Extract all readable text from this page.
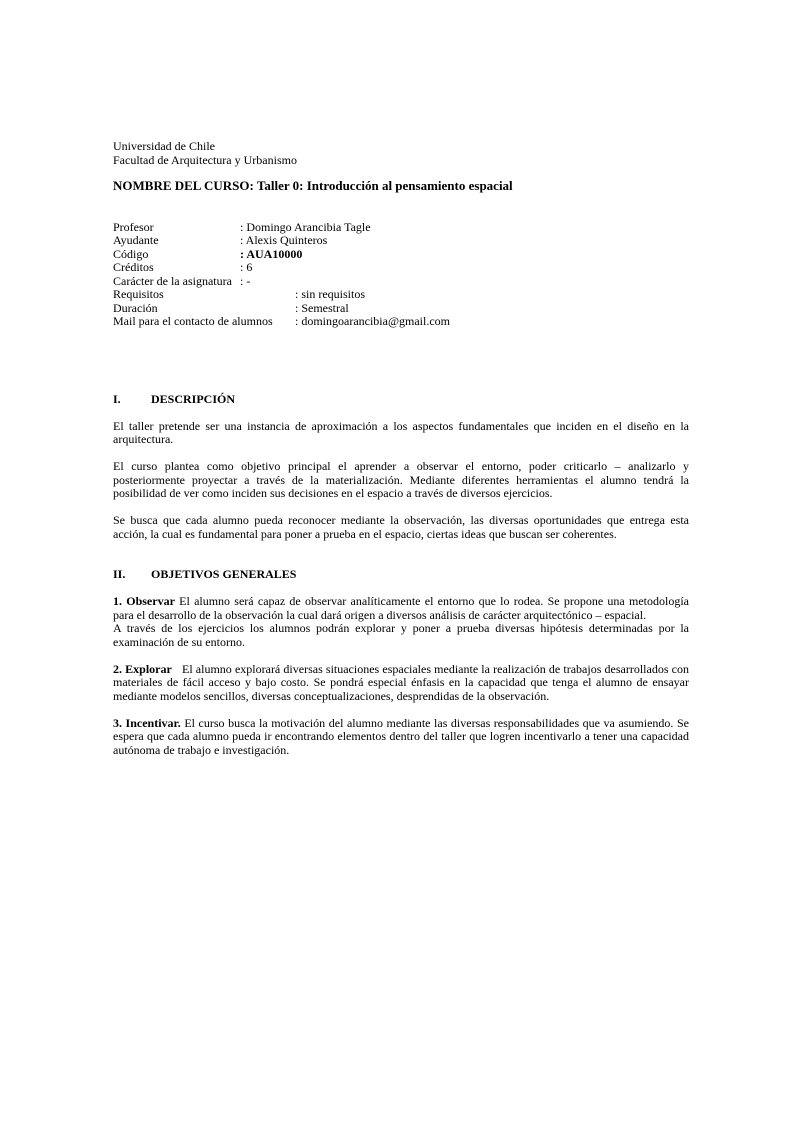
Universidad de Chile
Facultad de Arquitectura y Urbanismo
NOMBRE DEL CURSO: Taller 0: Introducción al pensamiento espacial
Profesor	: Domingo Arancibia Tagle
Ayudante	: Alexis Quinteros
Código	: AUA10000
Créditos	: 6
Carácter de la asignatura : -
Requisitos	: sin requisitos
Duración	: Semestral
Mail para el contacto de alumnos	: domingoarancibia@gmail.com
I.	DESCRIPCIÓN

El taller pretende ser una instancia de aproximación a los aspectos fundamentales que inciden en el diseño en la arquitectura.

El curso plantea como objetivo principal el aprender a observar el entorno, poder criticarlo – analizarlo y posteriormente proyectar a través de la materialización. Mediante diferentes herramientas el alumno tendrá la posibilidad de ver como inciden sus decisiones en el espacio a través de diversos ejercicios.

Se busca que cada alumno pueda reconocer mediante la observación, las diversas oportunidades que entrega esta acción, la cual es fundamental para poner a prueba en el espacio, ciertas ideas que buscan ser coherentes.

II. OBJETIVOS GENERALES

1. Observar El alumno será capaz de observar analíticamente el entorno que lo rodea. Se propone una metodología para el desarrollo de la observación la cual dará origen a diversos análisis de carácter arquitectónico – espacial.

A través de los ejercicios los alumnos podrán explorar y poner a prueba diversas hipótesis determinadas por la examinación de su entorno.

2. Explorar El alumno explorará diversas situaciones espaciales mediante la realización de trabajos desarrollados con materiales de fácil acceso y bajo costo. Se pondrá especial énfasis en la capacidad que tenga el alumno de ensayar mediante modelos sencillos, diversas conceptualizaciones, desprendidas de la observación.

3. Incentivar. El curso busca la motivación del alumno mediante las diversas responsabilidades que va asumiendo. Se espera que cada alumno pueda ir encontrando elementos dentro del taller que logren incentivarlo a tener una capacidad autónoma de trabajo e investigación.
